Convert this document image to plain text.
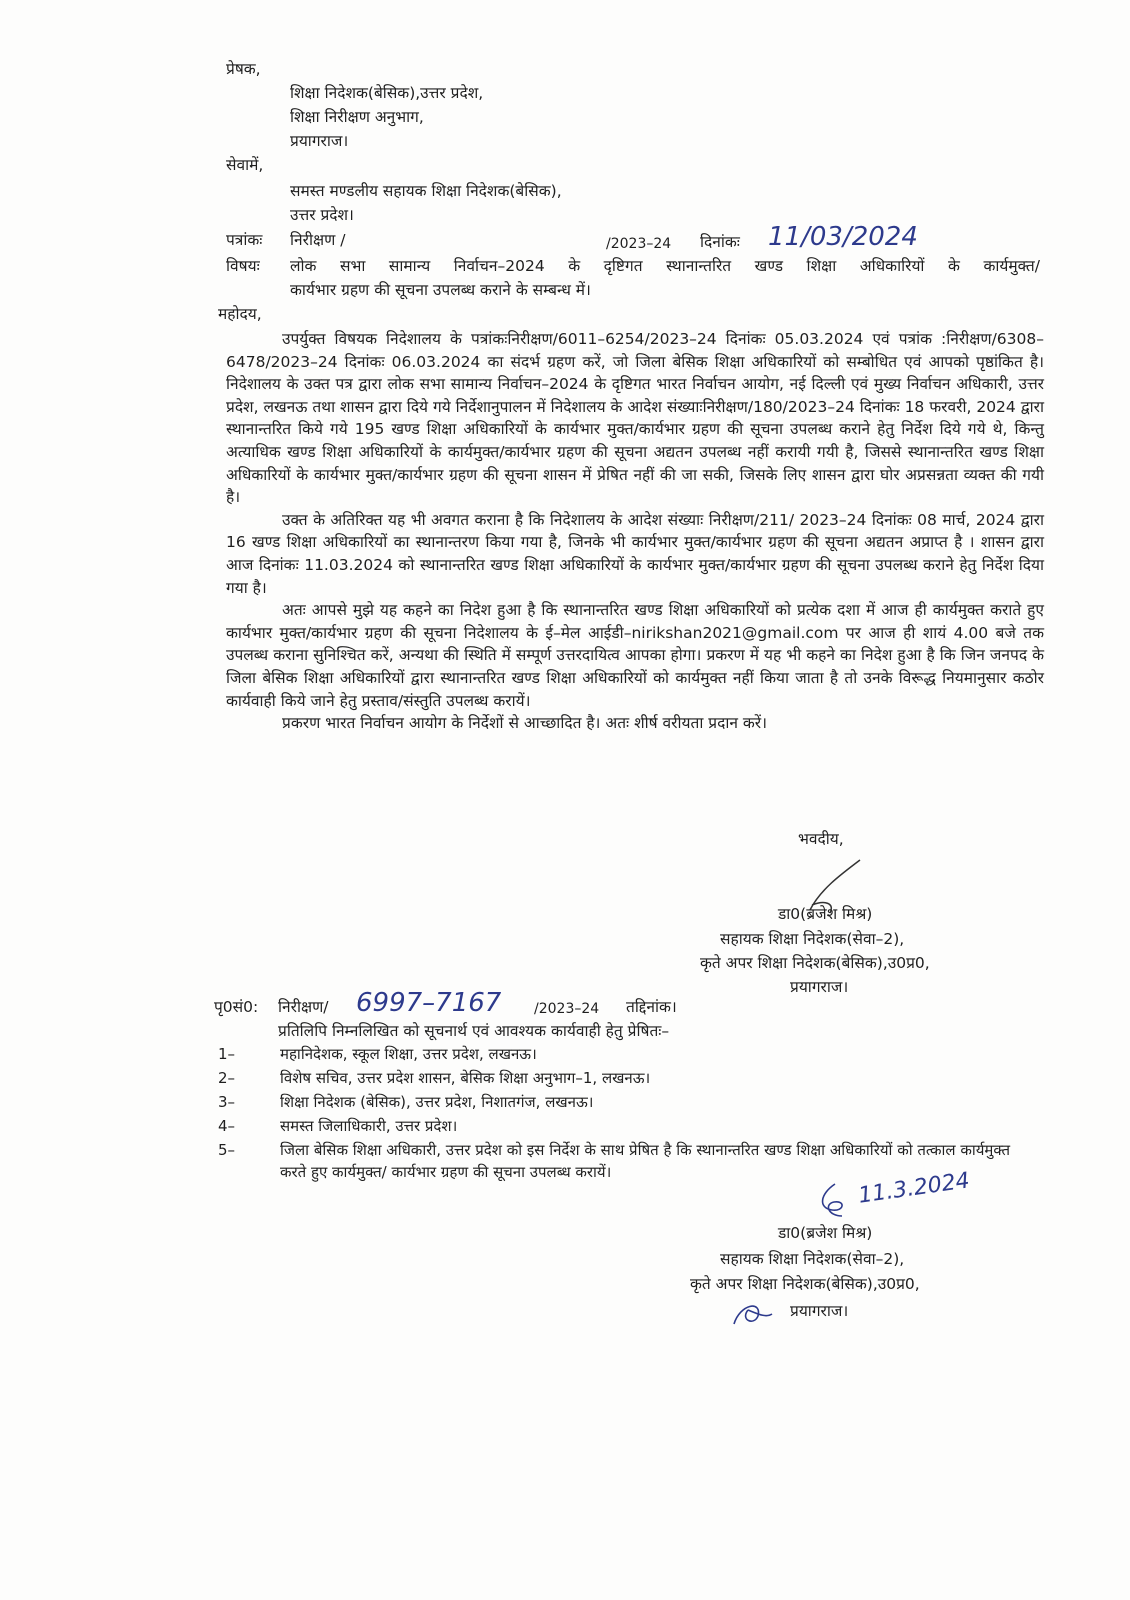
प्रेषक,
शिक्षा निदेशक(बेसिक),उत्तर प्रदेश,
शिक्षा निरीक्षण अनुभाग,
प्रयागराज।
सेवामें,
समस्त मण्डलीय सहायक शिक्षा निदेशक(बेसिक),
उत्तर प्रदेश।
पत्रांकः निरीक्षण /	/2023–24 दिनांकः 11/03/2024
विषयः लोक सभा सामान्य निर्वाचन–2024 के दृष्टिगत स्थानान्तरित खण्ड शिक्षा अधिकारियों के कार्यमुक्त/
कार्यभार ग्रहण की सूचना उपलब्ध कराने के सम्बन्ध में।
महोदय,

उपर्युक्त विषयक निदेशालय के पत्रांकःनिरीक्षण/6011–6254/2023–24 दिनांकः 05.03.2024 एवं पत्रांक :निरीक्षण/6308–6478/2023–24 दिनांकः 06.03.2024 का संदर्भ ग्रहण करें, जो जिला बेसिक शिक्षा अधिकारियों को सम्बोधित एवं आपको पृष्ठांकित है। निदेशालय के उक्त पत्र द्वारा लोक सभा सामान्य निर्वाचन–2024 के दृष्टिगत भारत निर्वाचन आयोग, नई दिल्ली एवं मुख्य निर्वाचन अधिकारी, उत्तर प्रदेश, लखनऊ तथा शासन द्वारा दिये गये निर्देशानुपालन में निदेशालय के आदेश संख्याःनिरीक्षण/180/2023–24 दिनांकः 18 फरवरी, 2024 द्वारा स्थानान्तरित किये गये 195 खण्ड शिक्षा अधिकारियों के कार्यभार मुक्त/कार्यभार ग्रहण की सूचना उपलब्ध कराने हेतु निर्देश दिये गये थे, किन्तु अत्याधिक खण्ड शिक्षा अधिकारियों के कार्यमुक्त/कार्यभार ग्रहण की सूचना अद्यतन उपलब्ध नहीं करायी गयी है, जिससे स्थानान्तरित खण्ड शिक्षा अधिकारियों के कार्यभार मुक्त/कार्यभार ग्रहण की सूचना शासन में प्रेषित नहीं की जा सकी, जिसके लिए शासन द्वारा घोर अप्रसन्नता व्यक्त की गयी है।

उक्त के अतिरिक्त यह भी अवगत कराना है कि निदेशालय के आदेश संख्याः निरीक्षण/211/ 2023–24 दिनांकः 08 मार्च, 2024 द्वारा 16 खण्ड शिक्षा अधिकारियों का स्थानान्तरण किया गया है, जिनके भी कार्यभार मुक्त/कार्यभार ग्रहण की सूचना अद्यतन अप्राप्त है । शासन द्वारा आज दिनांकः 11.03.2024 को स्थानान्तरित खण्ड शिक्षा अधिकारियों के कार्यभार मुक्त/कार्यभार ग्रहण की सूचना उपलब्ध कराने हेतु निर्देश दिया गया है।

अतः आपसे मुझे यह कहने का निदेश हुआ है कि स्थानान्तरित खण्ड शिक्षा अधिकारियों को प्रत्येक दशा में आज ही कार्यमुक्त कराते हुए कार्यभार मुक्त/कार्यभार ग्रहण की सूचना निदेशालय के ई–मेल आईडी–nirikshan2021@gmail.com पर आज ही शायं 4.00 बजे तक उपलब्ध कराना सुनिश्चित करें, अन्यथा की स्थिति में सम्पूर्ण उत्तरदायित्व आपका होगा। प्रकरण में यह भी कहने का निदेश हुआ है कि जिन जनपद के जिला बेसिक शिक्षा अधिकारियों द्वारा स्थानान्तरित खण्ड शिक्षा अधिकारियों को कार्यमुक्त नहीं किया जाता है तो उनके विरूद्ध नियमानुसार कठोर कार्यवाही किये जाने हेतु प्रस्ताव/संस्तुति उपलब्ध करायें।

प्रकरण भारत निर्वाचन आयोग के निर्देशों से आच्छादित है। अतः शीर्ष वरीयता प्रदान करें।

भवदीय,
डा0(ब्रजेश मिश्र)
सहायक शिक्षा निदेशक(सेवा–2),
कृते अपर शिक्षा निदेशक(बेसिक),उ0प्र0,
प्रयागराज।
पृ0सं0: निरीक्षण/ 6997–7167 /2023–24 तद्दिनांक।
प्रतिलिपि निम्नलिखित को सूचनार्थ एवं आवश्यक कार्यवाही हेतु प्रेषितः–
1–	महानिदेशक, स्कूल शिक्षा, उत्तर प्रदेश, लखनऊ।
2–	विशेष सचिव, उत्तर प्रदेश शासन, बेसिक शिक्षा अनुभाग–1, लखनऊ।
3–	शिक्षा निदेशक (बेसिक), उत्तर प्रदेश, निशातगंज, लखनऊ।
4–	समस्त जिलाधिकारी, उत्तर प्रदेश।
5–	जिला बेसिक शिक्षा अधिकारी, उत्तर प्रदेश को इस निर्देश के साथ प्रेषित है कि स्थानान्तरित खण्ड शिक्षा अधिकारियों को तत्काल कार्यमुक्त करते हुए कार्यमुक्त/ कार्यभार ग्रहण की सूचना उपलब्ध करायें।	11.3.2024
डा0(ब्रजेश मिश्र)
सहायक शिक्षा निदेशक(सेवा–2),
कृते अपर शिक्षा निदेशक(बेसिक),उ0प्र0,
प्रयागराज।
